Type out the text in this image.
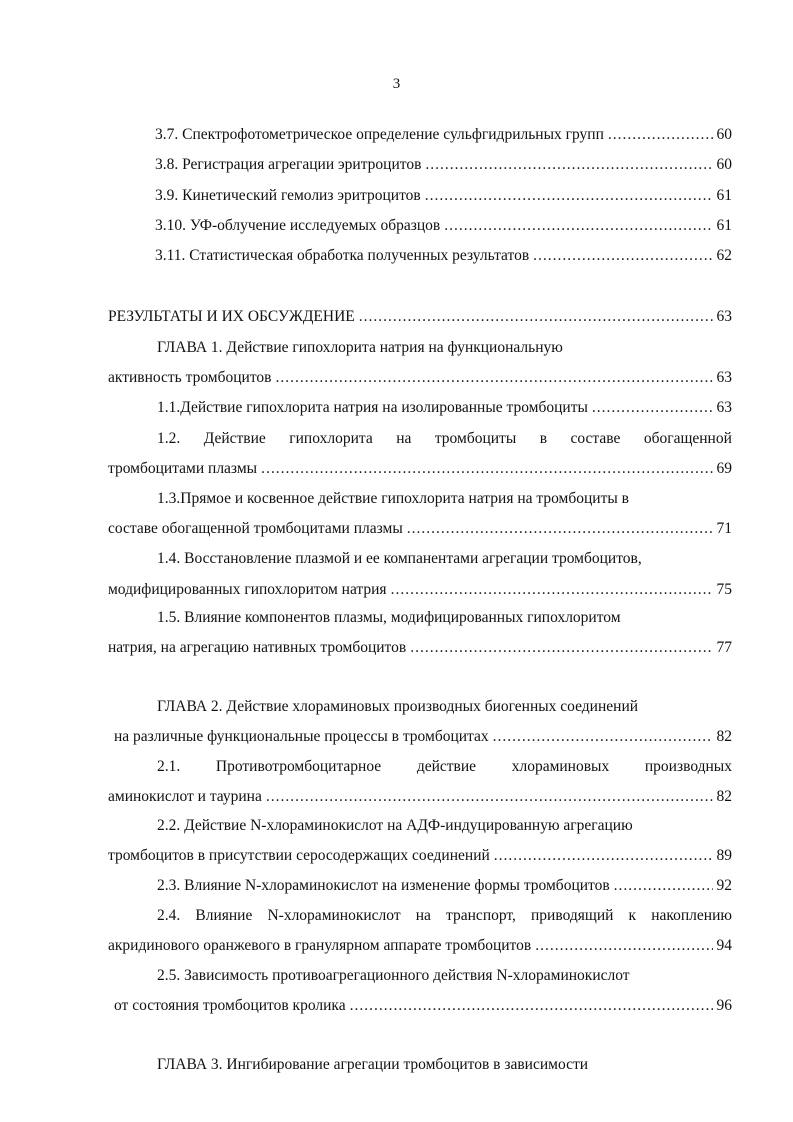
3
3.7. Спектрофотометрическое определение сульфгидрильных групп .....	60
3.8. Регистрация агрегации эритроцитов .....	60
3.9. Кинетический гемолиз эритроцитов .....	61
3.10. УФ-облучение исследуемых образцов .....	61
3.11. Статистическая обработка полученных результатов .....	62
РЕЗУЛЬТАТЫ И ИХ ОБСУЖДЕНИЕ .....	63
ГЛАВА 1. Действие гипохлорита натрия на функциональную
активность тромбоцитов .....	63
1.1.Действие гипохлорита натрия на изолированные тромбоциты .....	63
1.2. Действие гипохлорита на тромбоциты в составе обогащенной
тромбоцитами плазмы .....	69
1.3.Прямое и косвенное действие гипохлорита натрия на тромбоциты в
составе обогащенной тромбоцитами плазмы .....	71
1.4. Восстановление плазмой и ее компанентами агрегации тромбоцитов,
модифицированных гипохлоритом натрия .....	75
1.5. Влияние компонентов плазмы, модифицированных гипохлоритом
натрия, на агрегацию нативных тромбоцитов .....	77
ГЛАВА 2. Действие хлораминовых производных биогенных соединений
на различные функциональные процессы в тромбоцитах .....	82
2.1. Противотромбоцитарное действие хлораминовых производных
аминокислот и таурина .....	82
2.2. Действие N-хлораминокислот на АДФ-индуцированную агрегацию
тромбоцитов в присутствии серосодержащих соединений .....	89
2.3. Влияние N-хлораминокислот на изменение формы тромбоцитов .....	92
2.4. Влияние N-хлораминокислот на транспорт, приводящий к накоплению
акридинового оранжевого в гранулярном аппарате тромбоцитов .....	94
2.5. Зависимость противоагрегационного действия N-хлораминокислот
от состояния тромбоцитов кролика .....	96
ГЛАВА 3. Ингибирование агрегации тромбоцитов в зависимости
